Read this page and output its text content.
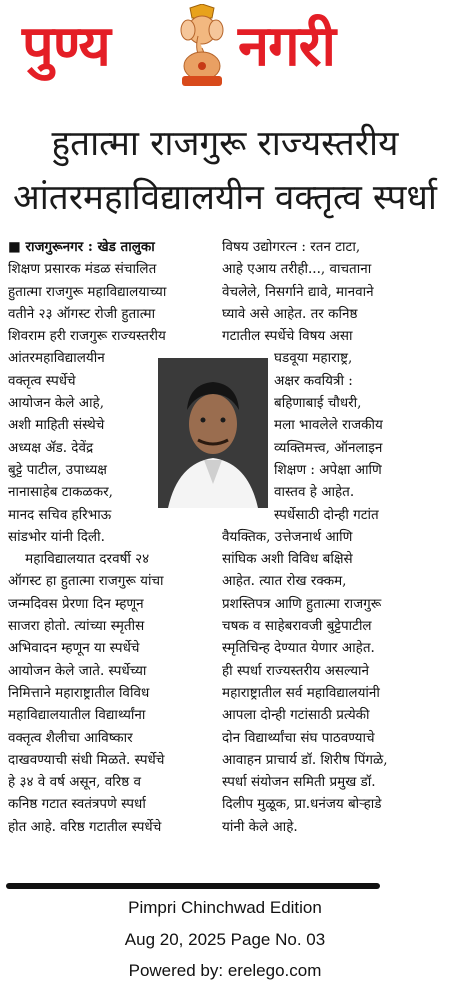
पुण्य नगरी
हुतात्मा राजगुरू राज्यस्तरीय
आंतरमहाविद्यालयीन वक्तृत्व स्पर्धा
■ राजगुरूनगर : खेड तालुका
शिक्षण प्रसारक मंडळ संचालित
हुतात्मा राजगुरू महाविद्यालयाच्या
वतीने २३ ऑगस्ट रोजी हुतात्मा
शिवराम हरी राजगुरू राज्यस्तरीय
आंतरमहाविद्यालयीन
वक्तृत्व स्पर्धेचे
आयोजन केले आहे,
अशी माहिती संस्थेचे
अध्यक्ष ॲड. देवेंद्र
बुट्टे पाटील, उपाध्यक्ष
नानासाहेब टाकळकर,
मानद सचिव हरिभाऊ
सांडभोर यांनी दिली.
महाविद्यालयात दरवर्षी २४
ऑगस्ट हा हुतात्मा राजगुरू यांचा
जन्मदिवस प्रेरणा दिन म्हणून
साजरा होतो. त्यांच्या स्मृतीस
अभिवादन म्हणून या स्पर्धेचे
आयोजन केले जाते. स्पर्धेच्या
निमित्ताने महाराष्ट्रातील विविध
महाविद्यालयातील विद्यार्थ्यांना
वक्तृत्व शैलीचा आविष्कार
दाखवण्याची संधी मिळते. स्पर्धेचे
हे ३४ वे वर्ष असून, वरिष्ठ व
कनिष्ठ गटात स्वतंत्रपणे स्पर्धा
होत आहे. वरिष्ठ गटातील स्पर्धेचे
विषय उद्योगरत्न : रतन टाटा,
आहे एआय तरीही..., वाचताना
वेचलेले, निसर्गाने द्यावे, मानवाने
घ्यावे असे आहेत. तर कनिष्ठ
गटातील स्पर्धेचे विषय असा
घडवूया महाराष्ट्र,
अक्षर कवयित्री :
बहिणाबाई चौधरी,
मला भावलेले राजकीय
व्यक्तिमत्त्व, ऑनलाइन
शिक्षण : अपेक्षा आणि
वास्तव हे आहेत.
स्पर्धेसाठी दोन्ही गटांत
वैयक्तिक, उत्तेजनार्थ आणि
सांघिक अशी विविध बक्षिसे
आहेत. त्यात रोख रक्कम,
प्रशस्तिपत्र आणि हुतात्मा राजगुरू
चषक व साहेबरावजी बुट्टेपाटील
स्मृतिचिन्ह देण्यात येणार आहेत.
ही स्पर्धा राज्यस्तरीय असल्याने
महाराष्ट्रातील सर्व महाविद्यालयांनी
आपला दोन्ही गटांसाठी प्रत्येकी
दोन विद्यार्थ्यांचा संघ पाठवण्याचे
आवाहन प्राचार्य डॉ. शिरीष पिंगळे,
स्पर्धा संयोजन समिती प्रमुख डॉ.
दिलीप मुळूक, प्रा.धनंजय बोऱ्हाडे
यांनी केले आहे.
Pimpri Chinchwad Edition
Aug 20, 2025 Page No. 03
Powered by: erelego.com
